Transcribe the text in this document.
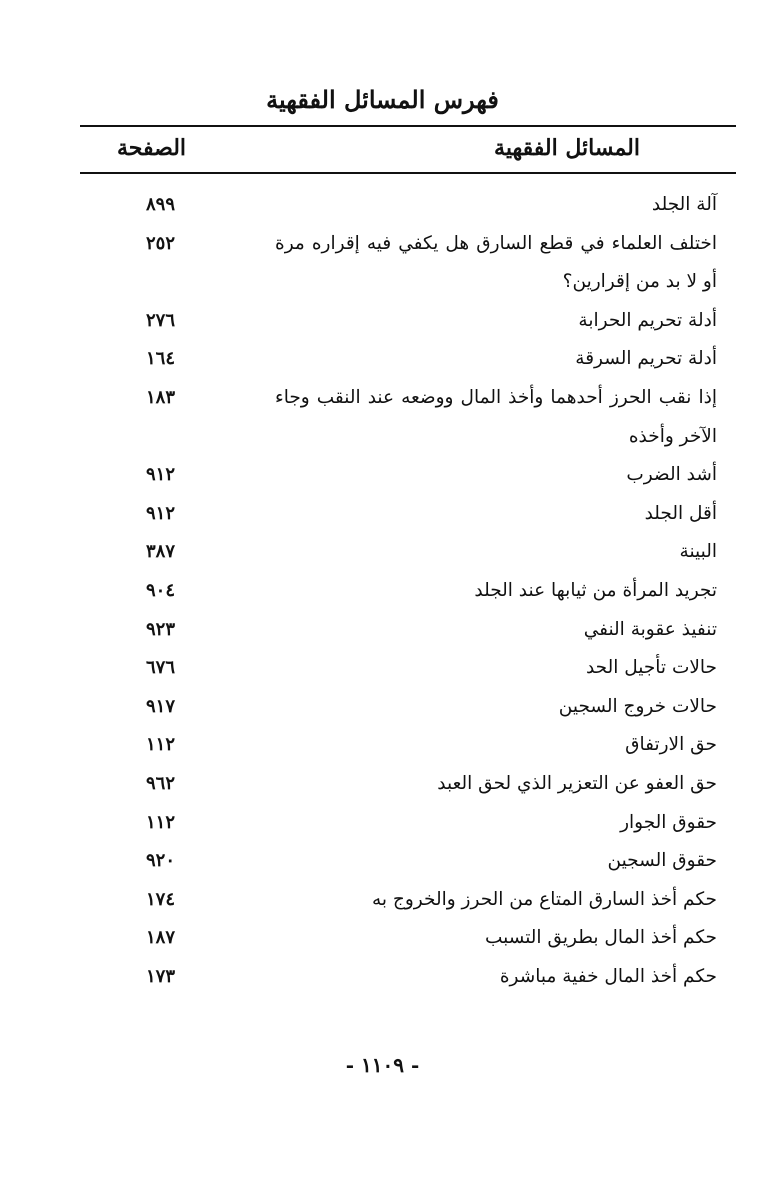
فهرس المسائل الفقهية
المسائل الفقهية
الصفحة
آلة الجلد
٨٩٩
اختلف العلماء في قطع السارق هل يكفي فيه إقراره مرة أو لا بد من إقرارين؟
٢٥٢
أدلة تحريم الحرابة
٢٧٦
أدلة تحريم السرقة
١٦٤
إذا نقب الحرز أحدهما وأخذ المال ووضعه عند النقب وجاء الآخر وأخذه
١٨٣
أشد الضرب
٩١٢
أقل الجلد
٩١٢
البينة
٣٨٧
تجريد المرأة من ثيابها عند الجلد
٩٠٤
تنفيذ عقوبة النفي
٩٢٣
حالات تأجيل الحد
٦٧٦
حالات خروج السجين
٩١٧
حق الارتفاق
١١٢
حق العفو عن التعزير الذي لحق العبد
٩٦٢
حقوق الجوار
١١٢
حقوق السجين
٩٢٠
حكم أخذ السارق المتاع من الحرز والخروج به
١٧٤
حكم أخذ المال بطريق التسبب
١٨٧
حكم أخذ المال خفية مباشرة
١٧٣
- ١١٠٩ -
